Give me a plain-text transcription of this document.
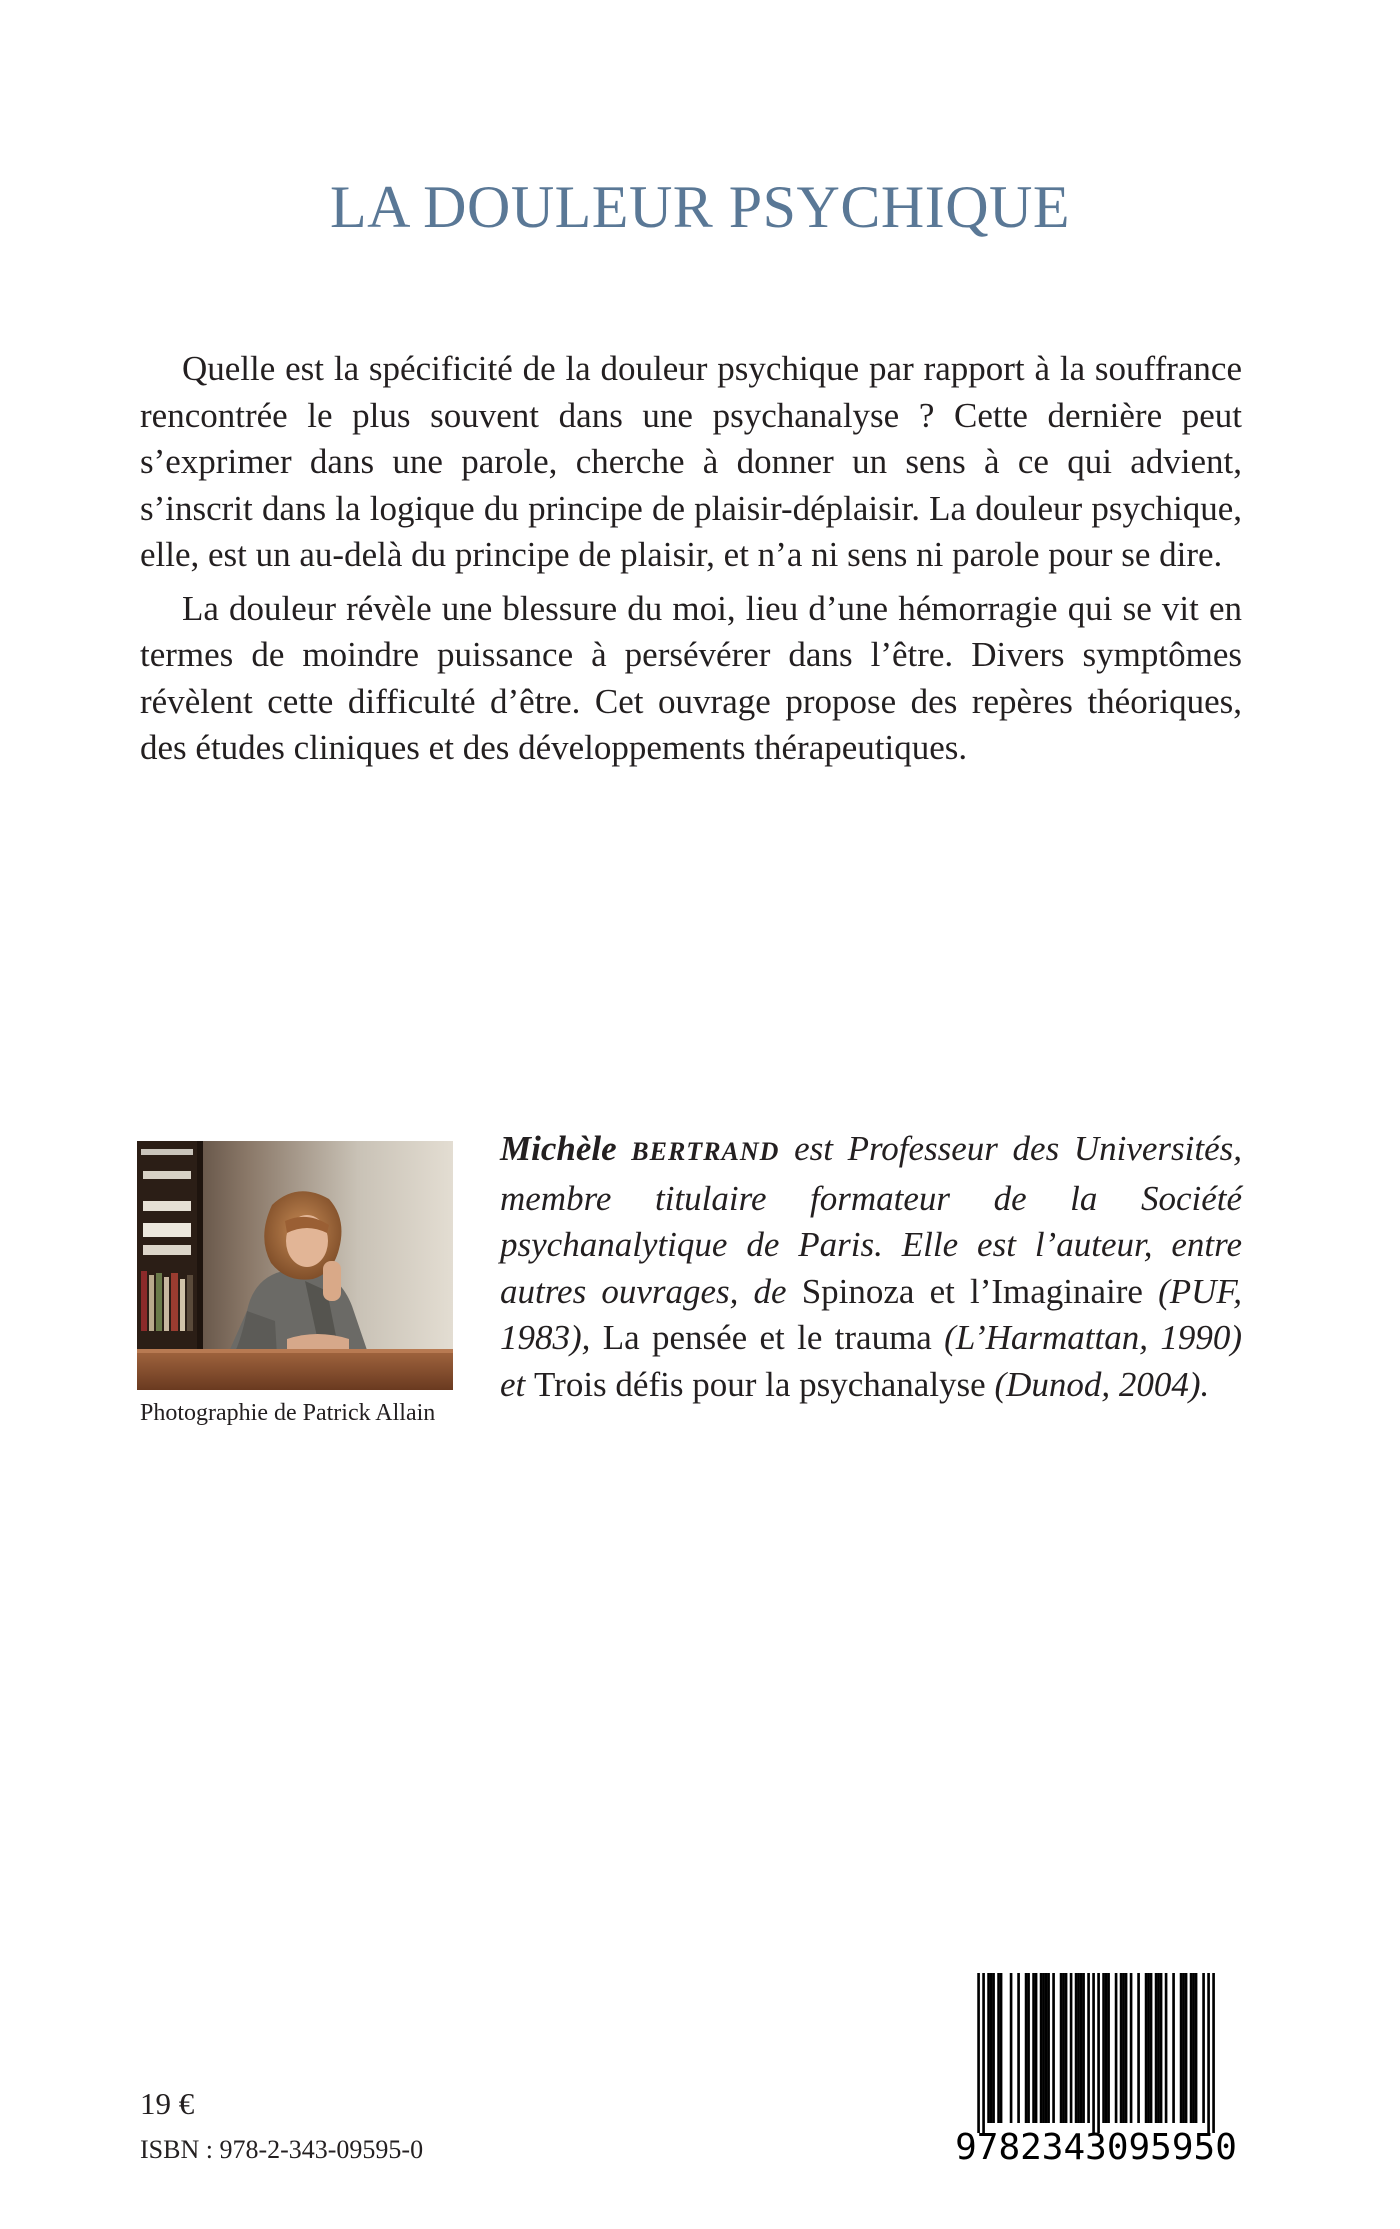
LA DOULEUR PSYCHIQUE

Quelle est la spécificité de la douleur psychique par rapport à la souffrance rencontrée le plus souvent dans une psychanalyse ? Cette dernière peut s’exprimer dans une parole, cherche à donner un sens à ce qui advient, s’inscrit dans la logique du principe de plaisir-déplaisir. La douleur psychique, elle, est un au-delà du principe de plaisir, et n’a ni sens ni parole pour se dire.

La douleur révèle une blessure du moi, lieu d’une hémorragie qui se vit en termes de moindre puissance à persévérer dans l’être. Divers symptômes révèlent cette difficulté d’être. Cet ouvrage propose des repères théoriques, des études cliniques et des développements thérapeutiques.

Photographie de Patrick Allain
Michèle BERTRAND est Professeur des Universités, membre titulaire formateur de la Société psychanalytique de Paris. Elle est l’auteur, entre autres ouvrages, de Spinoza et l’Imaginaire (PUF, 1983), La pensée et le trauma (L’Harmattan, 1990) et Trois défis pour la psychanalyse (Dunod, 2004).
19 €
ISBN : 978-2-343-09595-0	9782343095950
